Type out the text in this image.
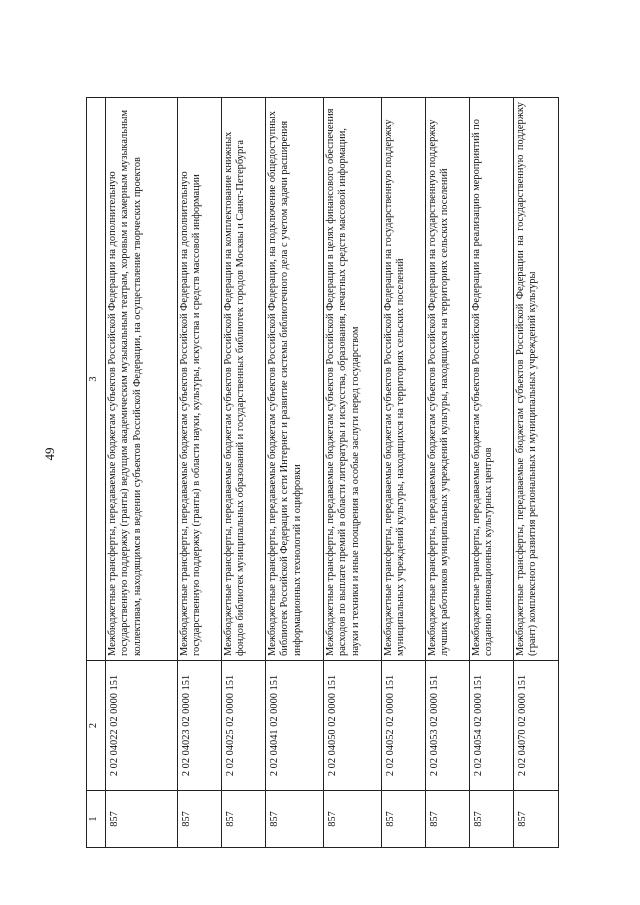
49
1	2	3
857	2 02 04022 02 0000 151	Межбюджетные трансферты, передаваемые бюджетам субъектов Российской Федерации на дополнительную государственную поддержку (гранты) ведущим академическим музыкальным театрам, хоровым и камерным музыкальным коллективам, находящимся в ведении субъектов Российской Федерации, на осуществление творческих проектов
857	2 02 04023 02 0000 151	Межбюджетные трансферты, передаваемые бюджетам субъектов Российской Федерации на дополнительную государственную поддержку (гранты) в области науки, культуры, искусства и средств массовой информации
857	2 02 04025 02 0000 151	Межбюджетные трансферты, передаваемые бюджетам субъектов Российской Федерации на комплектование книжных фондов библиотек муниципальных образований и государственных библиотек городов Москвы и Санкт-Петербурга
857	2 02 04041 02 0000 151	Межбюджетные трансферты, передаваемые бюджетам субъектов Российской Федерации, на подключение общедоступных библиотек Российской Федерации к сети Интернет и развитие системы библиотечного дела с учетом задачи расширения информационных технологий и оцифровки
857	2 02 04050 02 0000 151	Межбюджетные трансферты, передаваемые бюджетам субъектов Российской Федерации в целях финансового обеспечения расходов по выплате премий в области литературы и искусства, образования, печатных средств массовой информации, науки и техники и иные поощрения за особые заслуги перед государством
857	2 02 04052 02 0000 151	Межбюджетные трансферты, передаваемые бюджетам субъектов Российской Федерации на государственную поддержку муниципальных учреждений культуры, находящихся на территориях сельских поселений
857	2 02 04053 02 0000 151	Межбюджетные трансферты, передаваемые бюджетам субъектов Российской Федерации на государственную поддержку лучших работников муниципальных учреждений культуры, находящихся на территориях сельских поселений
857	2 02 04054 02 0000 151	Межбюджетные трансферты, передаваемые бюджетам субъектов Российской Федерации на реализацию мероприятий по созданию инновационных культурных центров
857	2 02 04070 02 0000 151	Межбюджетные трансферты, передаваемые бюджетам субъектов Российской Федерации на государственную поддержку (грант) комплексного развития региональных и муниципальных учреждений культуры
